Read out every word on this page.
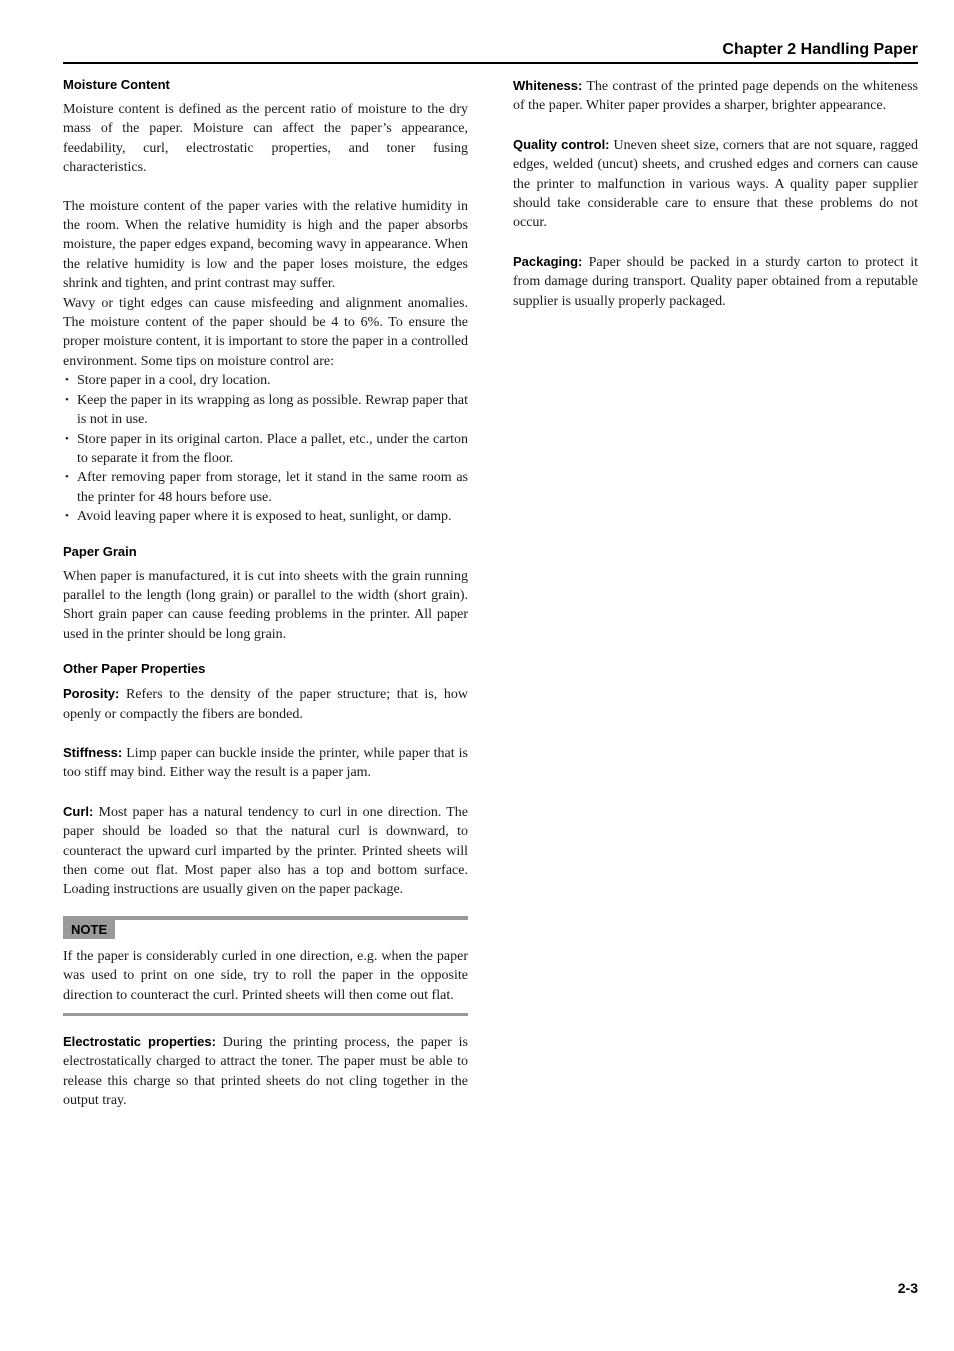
Chapter 2 Handling Paper
Moisture Content

Moisture content is defined as the percent ratio of moisture to the dry mass of the paper. Moisture can affect the paper’s appearance, feedability, curl, electrostatic properties, and toner fusing characteristics.

The moisture content of the paper varies with the relative humidity in the room. When the relative humidity is high and the paper absorbs moisture, the paper edges expand, becoming wavy in appearance. When the relative humidity is low and the paper loses moisture, the edges shrink and tighten, and print contrast may suffer.

Wavy or tight edges can cause misfeeding and alignment anomalies. The moisture content of the paper should be 4 to 6%. To ensure the proper moisture content, it is important to store the paper in a controlled environment. Some tips on moisture control are:

• Store paper in a cool, dry location.
• Keep the paper in its wrapping as long as possible. Rewrap paper that is not in use.
• Store paper in its original carton. Place a pallet, etc., under the carton to separate it from the floor.
• After removing paper from storage, let it stand in the same room as the printer for 48 hours before use.
• Avoid leaving paper where it is exposed to heat, sunlight, or damp.
Paper Grain

When paper is manufactured, it is cut into sheets with the grain running parallel to the length (long grain) or parallel to the width (short grain). Short grain paper can cause feeding problems in the printer. All paper used in the printer should be long grain.

Other Paper Properties

Porosity: Refers to the density of the paper structure; that is, how openly or compactly the fibers are bonded.

Stiffness: Limp paper can buckle inside the printer, while paper that is too stiff may bind. Either way the result is a paper jam.

Curl: Most paper has a natural tendency to curl in one direction. The paper should be loaded so that the natural curl is downward, to counteract the upward curl imparted by the printer. Printed sheets will then come out flat. Most paper also has a top and bottom surface. Loading instructions are usually given on the paper package.

NOTE

If the paper is considerably curled in one direction, e.g. when the paper was used to print on one side, try to roll the paper in the opposite direction to counteract the curl. Printed sheets will then come out flat.

Electrostatic properties: During the printing process, the paper is electrostatically charged to attract the toner. The paper must be able to release this charge so that printed sheets do not cling together in the output tray.

Whiteness: The contrast of the printed page depends on the whiteness of the paper. Whiter paper provides a sharper, brighter appearance.

Quality control: Uneven sheet size, corners that are not square, ragged edges, welded (uncut) sheets, and crushed edges and corners can cause the printer to malfunction in various ways. A quality paper supplier should take considerable care to ensure that these problems do not occur.

Packaging: Paper should be packed in a sturdy carton to protect it from damage during transport. Quality paper obtained from a reputable supplier is usually properly packaged.

2-3
